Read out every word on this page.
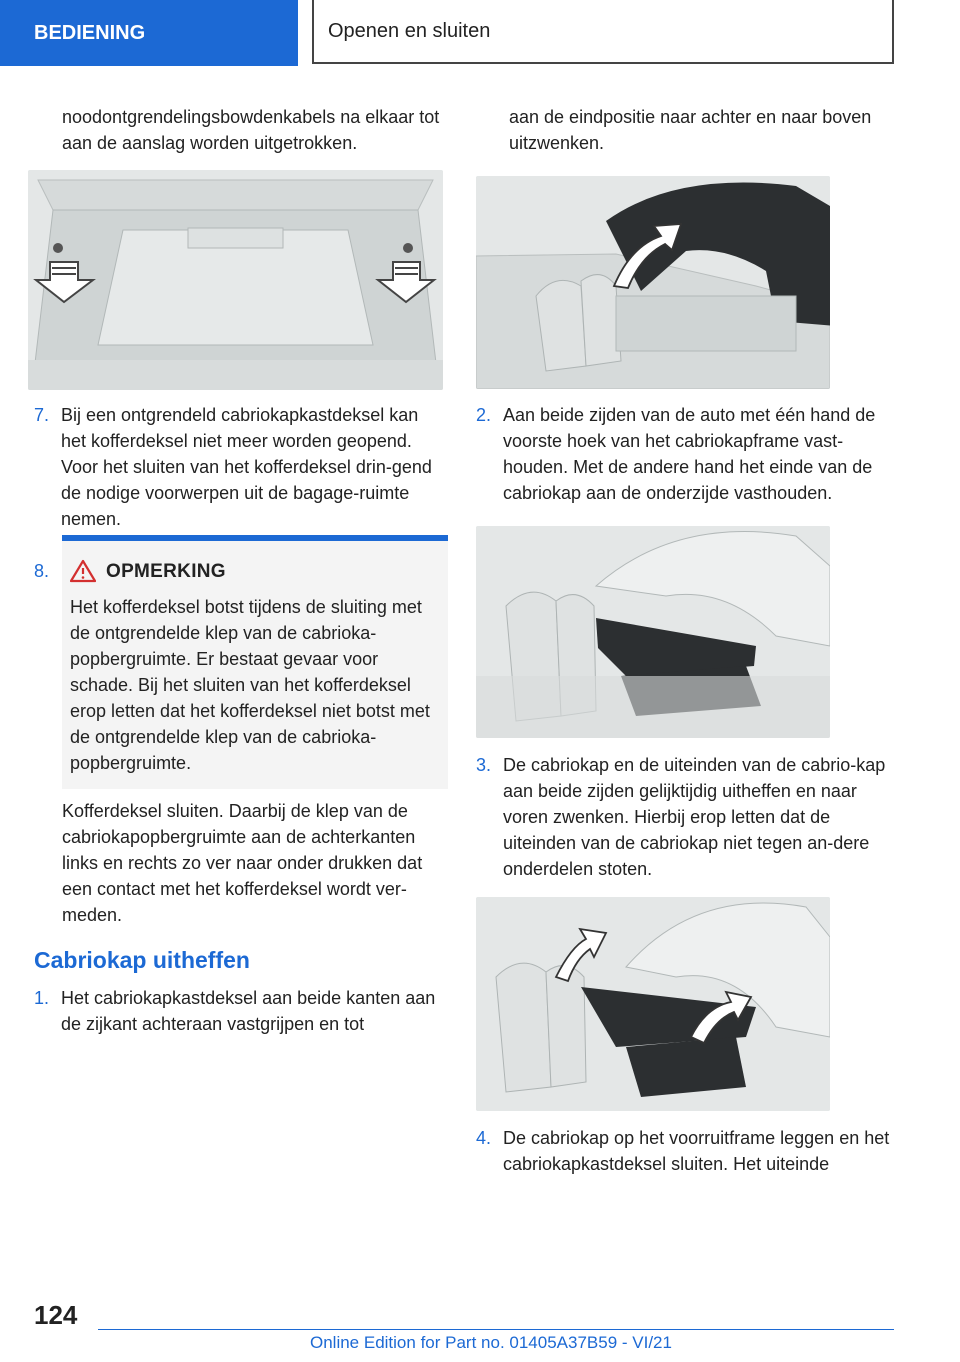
BEDIENING	Openen en sluiten

noodontgrendelingsbowdenkabels na elkaar tot aan de aanslag worden uitgetrokken.

7. Bij een ontgrendeld cabriokapkastdeksel kan het kofferdeksel niet meer worden geopend. Voor het sluiten van het kofferdeksel drin-gend de nodige voorwerpen uit de bagage-ruimte nemen.

8.	OPMERKING

Het kofferdeksel botst tijdens de sluiting met de ontgrendelde klep van de cabrioka-popbergruimte. Er bestaat gevaar voor schade. Bij het sluiten van het kofferdeksel erop letten dat het kofferdeksel niet botst met de ontgrendelde klep van de cabrioka-popbergruimte.

Kofferdeksel sluiten. Daarbij de klep van de cabriokapopbergruimte aan de achterkanten links en rechts zo ver naar onder drukken dat een contact met het kofferdeksel wordt ver-meden.

Cabriokap uitheffen
1. Het cabriokapkastdeksel aan beide kanten aan de zijkant achteraan vastgrijpen en tot

aan de eindpositie naar achter en naar boven uitzwenken.

2. Aan beide zijden van de auto met één hand de voorste hoek van het cabriokapframe vast-houden. Met de andere hand het einde van de cabriokap aan de onderzijde vasthouden.

3. De cabriokap en de uiteinden van de cabrio-kap aan beide zijden gelijktijdig uitheffen en naar voren zwenken. Hierbij erop letten dat de uiteinden van de cabriokap niet tegen an-dere onderdelen stoten.

4. De cabriokap op het voorruitframe leggen en het cabriokapkastdeksel sluiten. Het uiteinde

124
Online Edition for Part no. 01405A37B59 - VI/21
